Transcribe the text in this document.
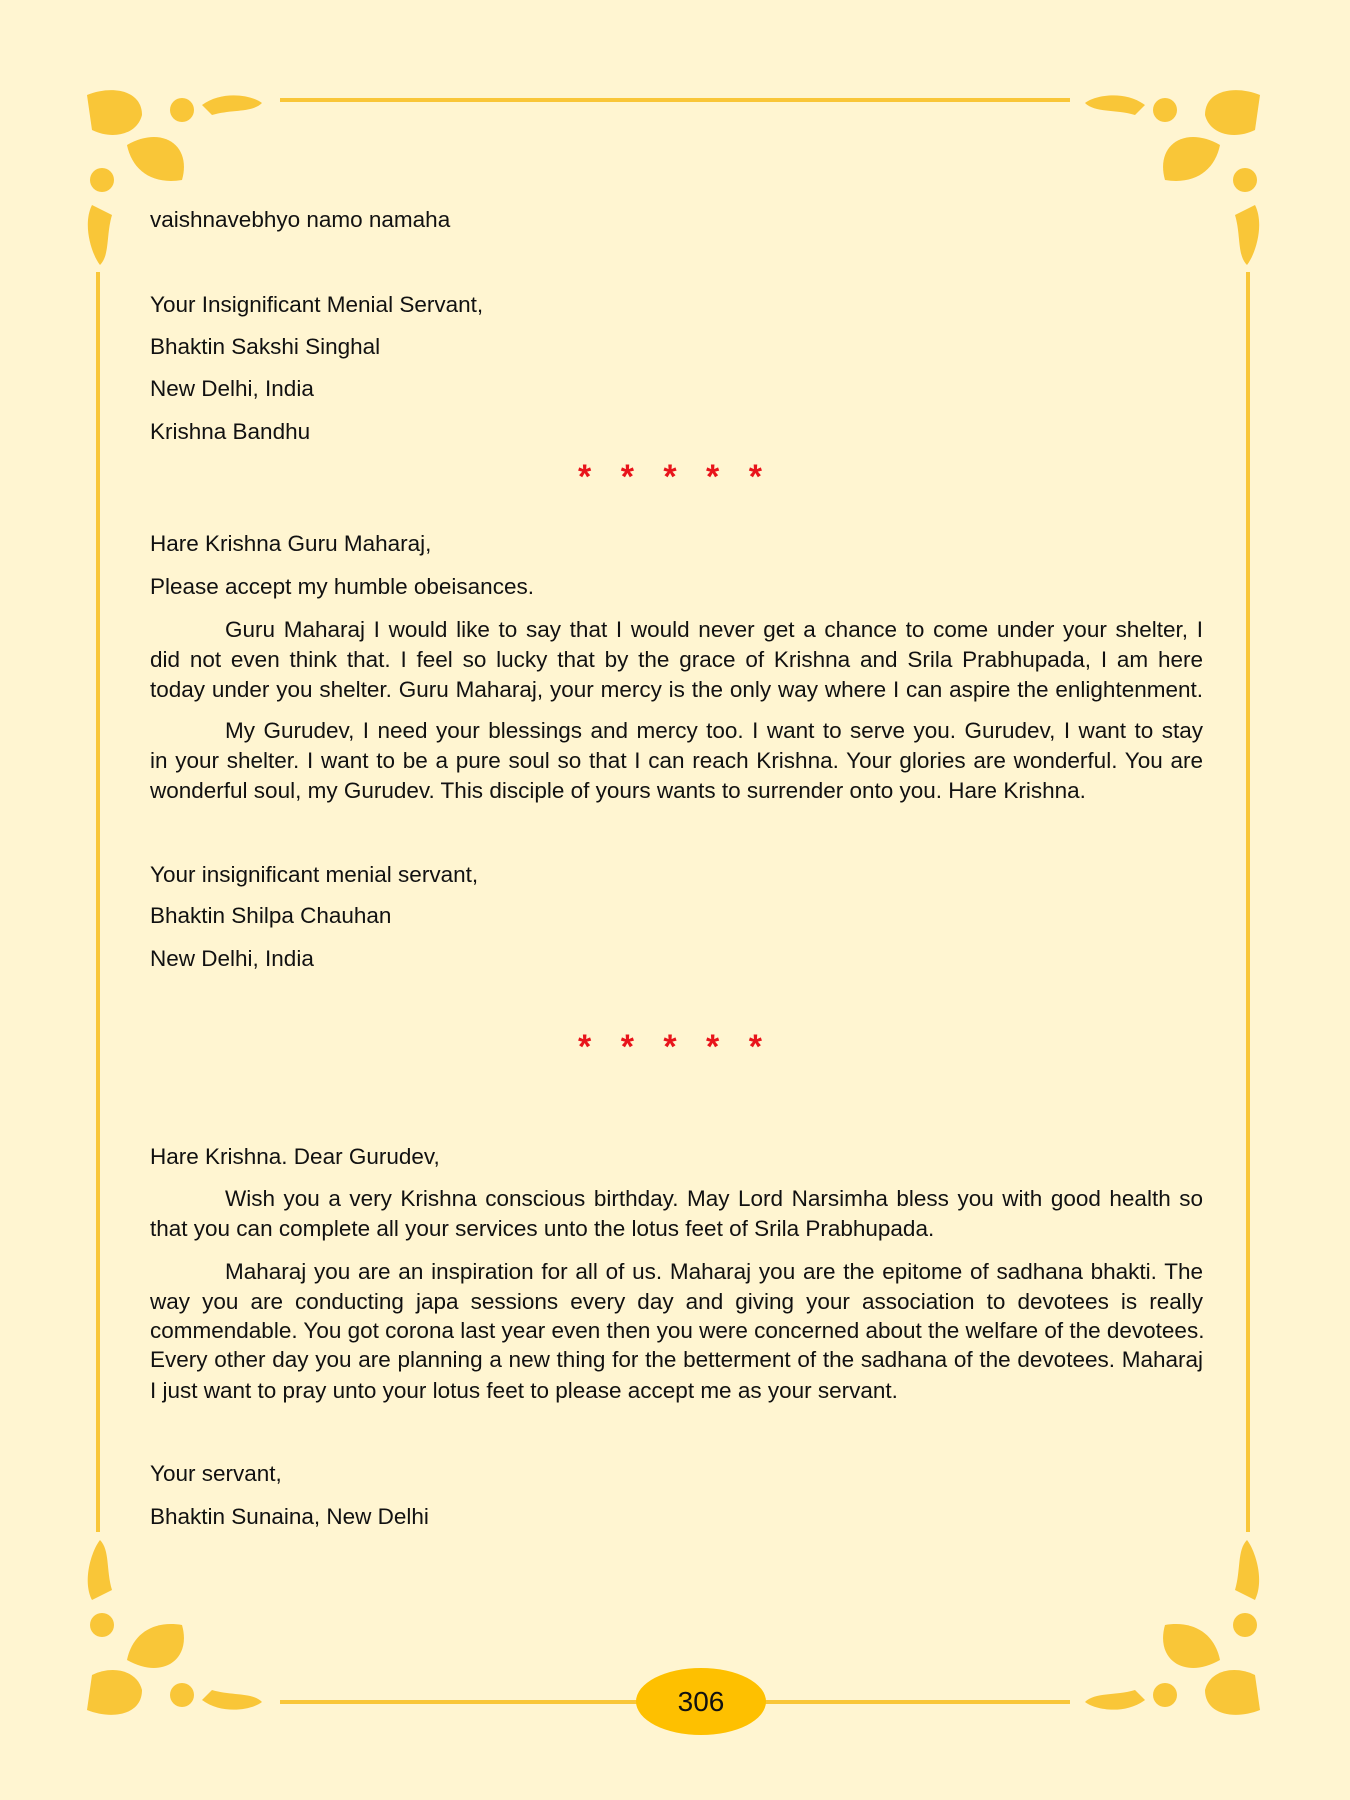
vaishnavebhyo namo namaha
Your Insignificant Menial Servant,
Bhaktin Sakshi Singhal
New Delhi, India
Krishna Bandhu
* * * * *
Hare Krishna Guru Maharaj,
Please accept my humble obeisances.
Guru Maharaj I would like to say that I would never get a chance to come under your shelter, I
did not even think that. I feel so lucky that by the grace of Krishna and Srila Prabhupada, I am here
today under you shelter. Guru Maharaj, your mercy is the only way where I can aspire the enlightenment.
My Gurudev, I need your blessings and mercy too. I want to serve you. Gurudev, I want to stay
in your shelter. I want to be a pure soul so that I can reach Krishna. Your glories are wonderful. You are
wonderful soul, my Gurudev. This disciple of yours wants to surrender onto you. Hare Krishna.
Your insignificant menial servant,
Bhaktin Shilpa Chauhan
New Delhi, India
* * * * *
Hare Krishna. Dear Gurudev,
Wish you a very Krishna conscious birthday. May Lord Narsimha bless you with good health so
that you can complete all your services unto the lotus feet of Srila Prabhupada.
Maharaj you are an inspiration for all of us. Maharaj you are the epitome of sadhana bhakti. The
way you are conducting japa sessions every day and giving your association to devotees is really
commendable. You got corona last year even then you were concerned about the welfare of the devotees.
Every other day you are planning a new thing for the betterment of the sadhana of the devotees. Maharaj
I just want to pray unto your lotus feet to please accept me as your servant.
Your servant,
Bhaktin Sunaina, New Delhi
306
